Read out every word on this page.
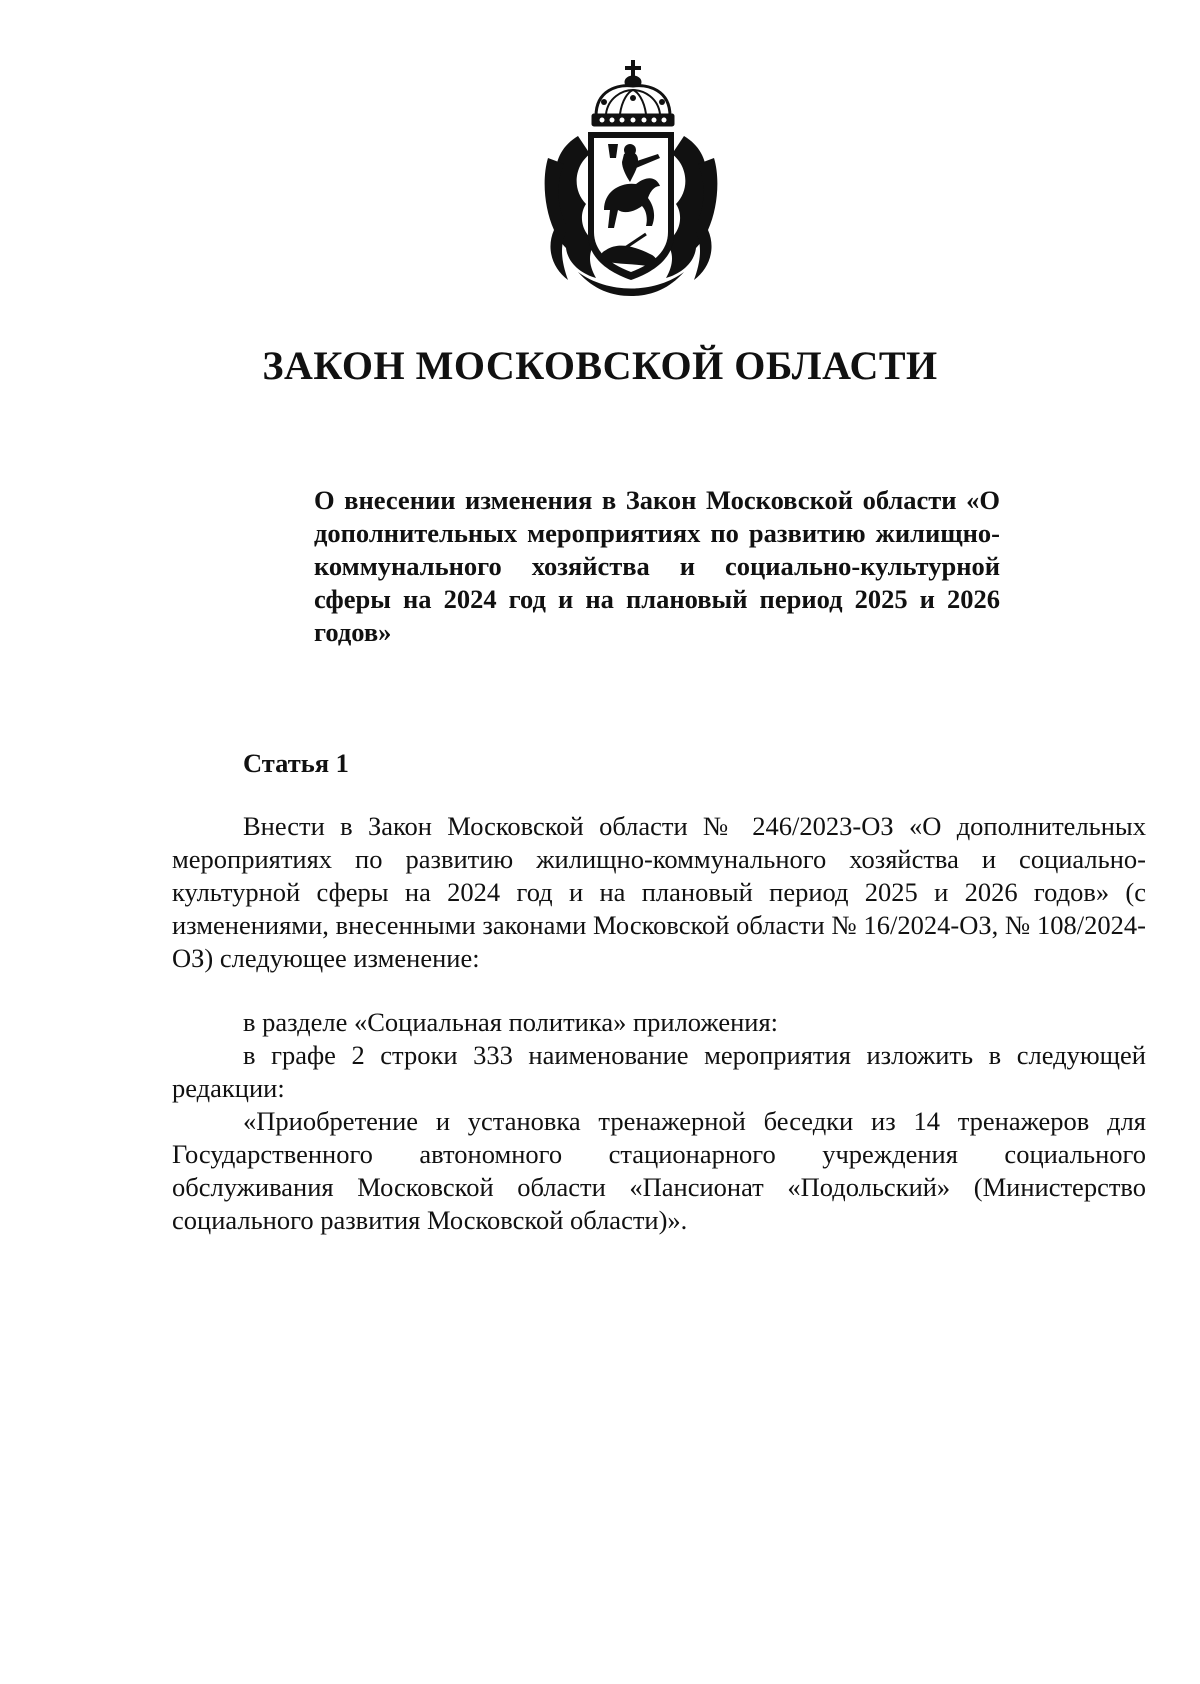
ЗАКОН МОСКОВСКОЙ ОБЛАСТИ
О внесении изменения в Закон Московской области «О дополнительных мероприятиях по развитию жилищно-коммунального хозяйства и социально-культурной сферы на 2024 год и на плановый период 2025 и 2026 годов»
Статья 1
Внести в Закон Московской области № 246/2023-ОЗ «О дополнительных мероприятиях по развитию жилищно-коммунального хозяйства и социально-культурной сферы на 2024 год и на плановый период 2025 и 2026 годов» (с изменениями, внесенными законами Московской области № 16/2024-ОЗ, № 108/2024-ОЗ) следующее изменение:
в разделе «Социальная политика» приложения:
в графе 2 строки 333 наименование мероприятия изложить в следующей редакции:
«Приобретение и установка тренажерной беседки из 14 тренажеров для Государственного автономного стационарного учреждения социального обслуживания Московской области «Пансионат «Подольский» (Министерство социального развития Московской области)».
